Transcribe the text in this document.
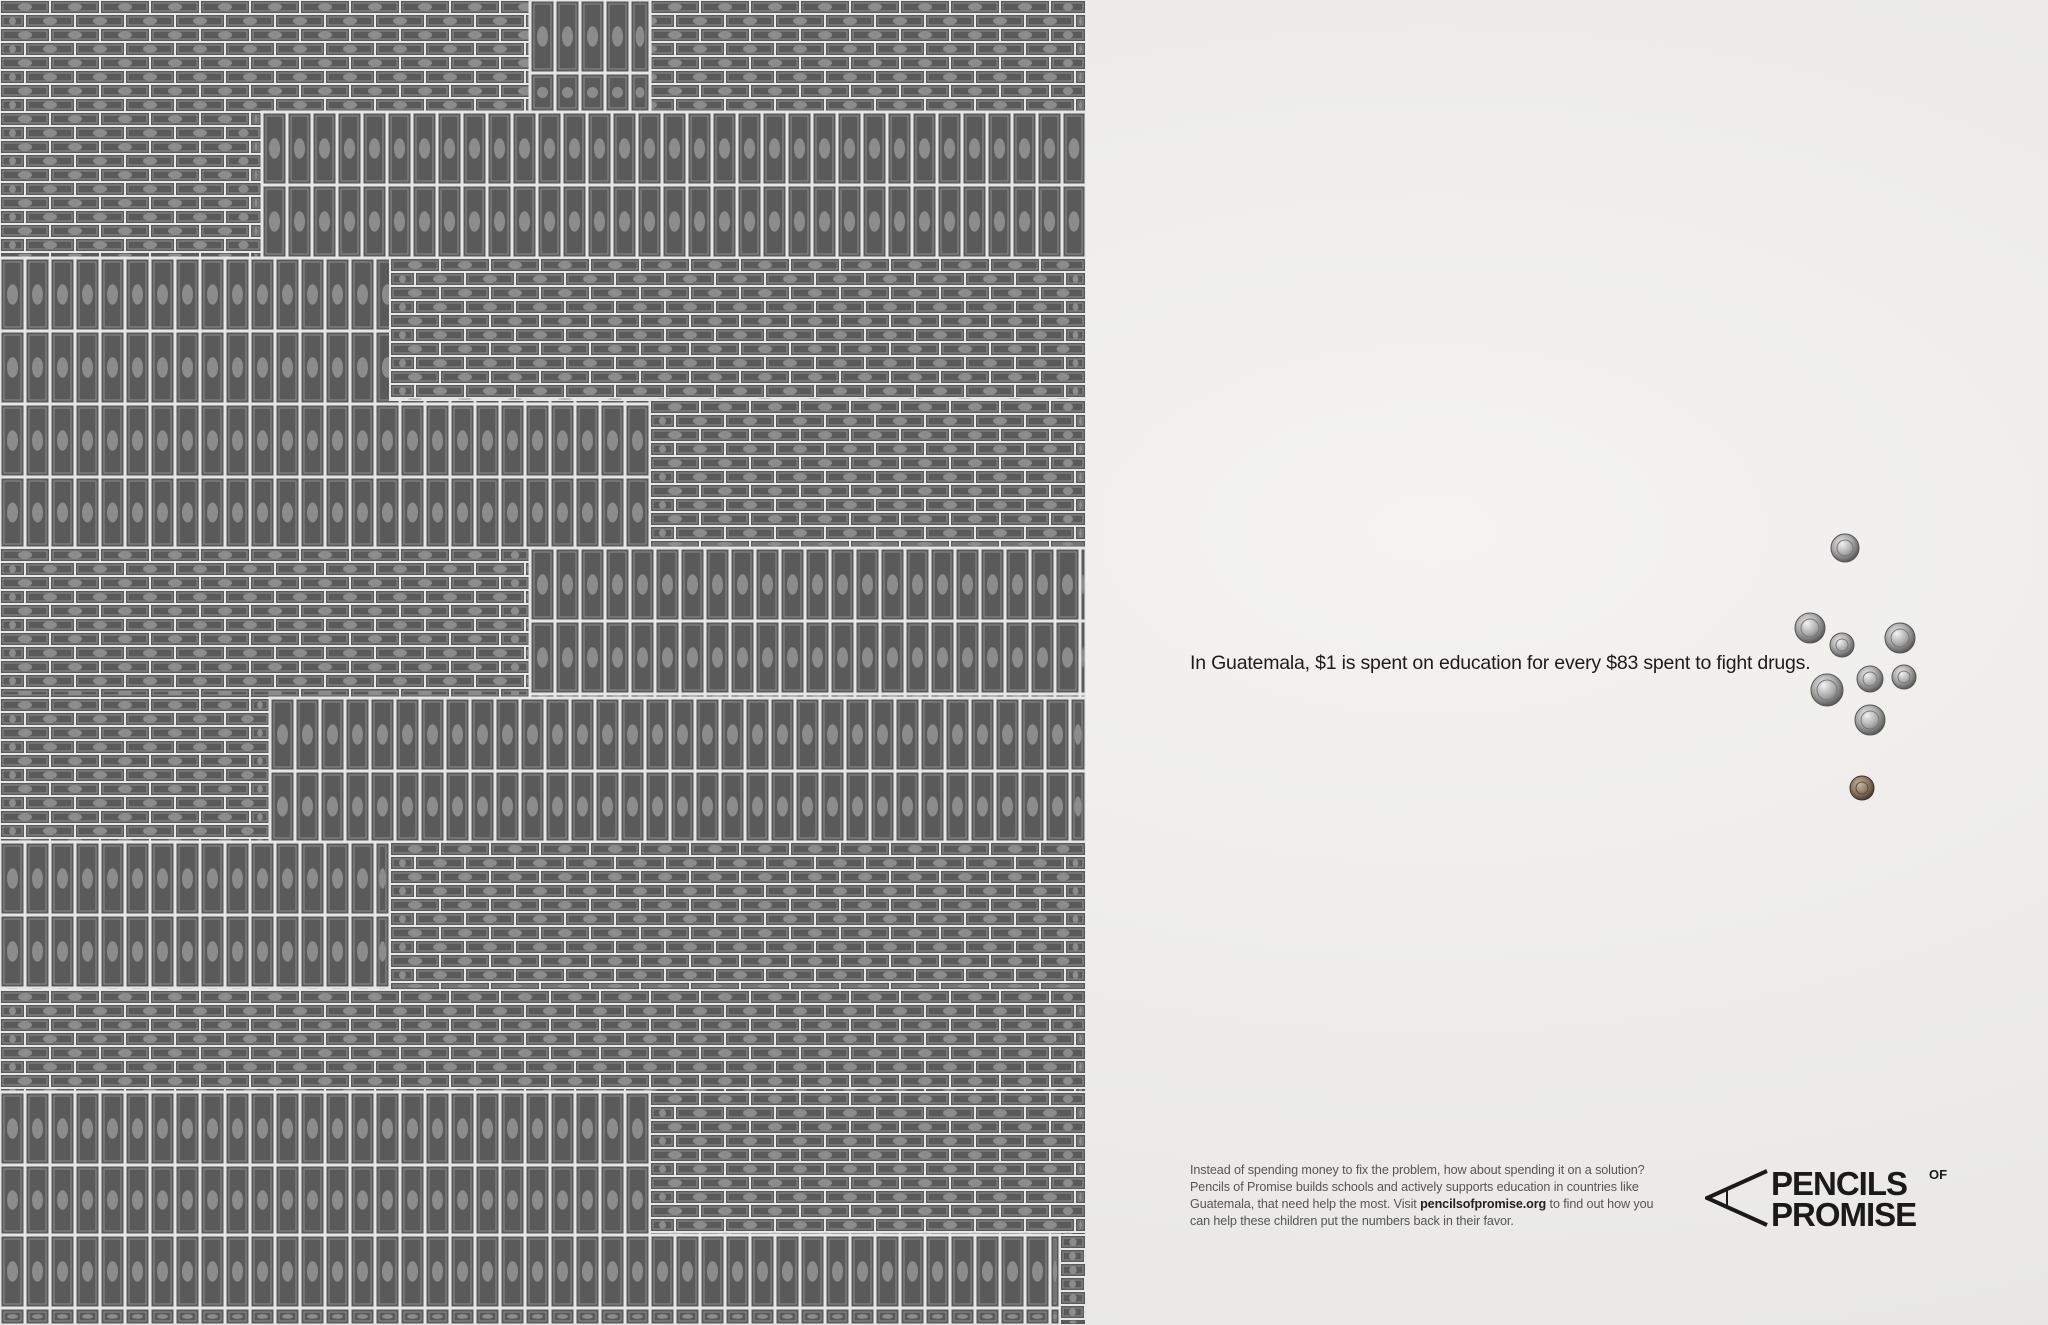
In Guatemala, $1 is spent on education for every $83 spent to fight drugs.
Instead of spending money to fix the problem, how about spending it on a solution?
Pencils of Promise builds schools and actively supports education in countries like
Guatemala, that need help the most. Visit pencilsofpromise.org to find out how you
can help these children put the numbers back in their favor.
PENCILS OF
PROMISE
